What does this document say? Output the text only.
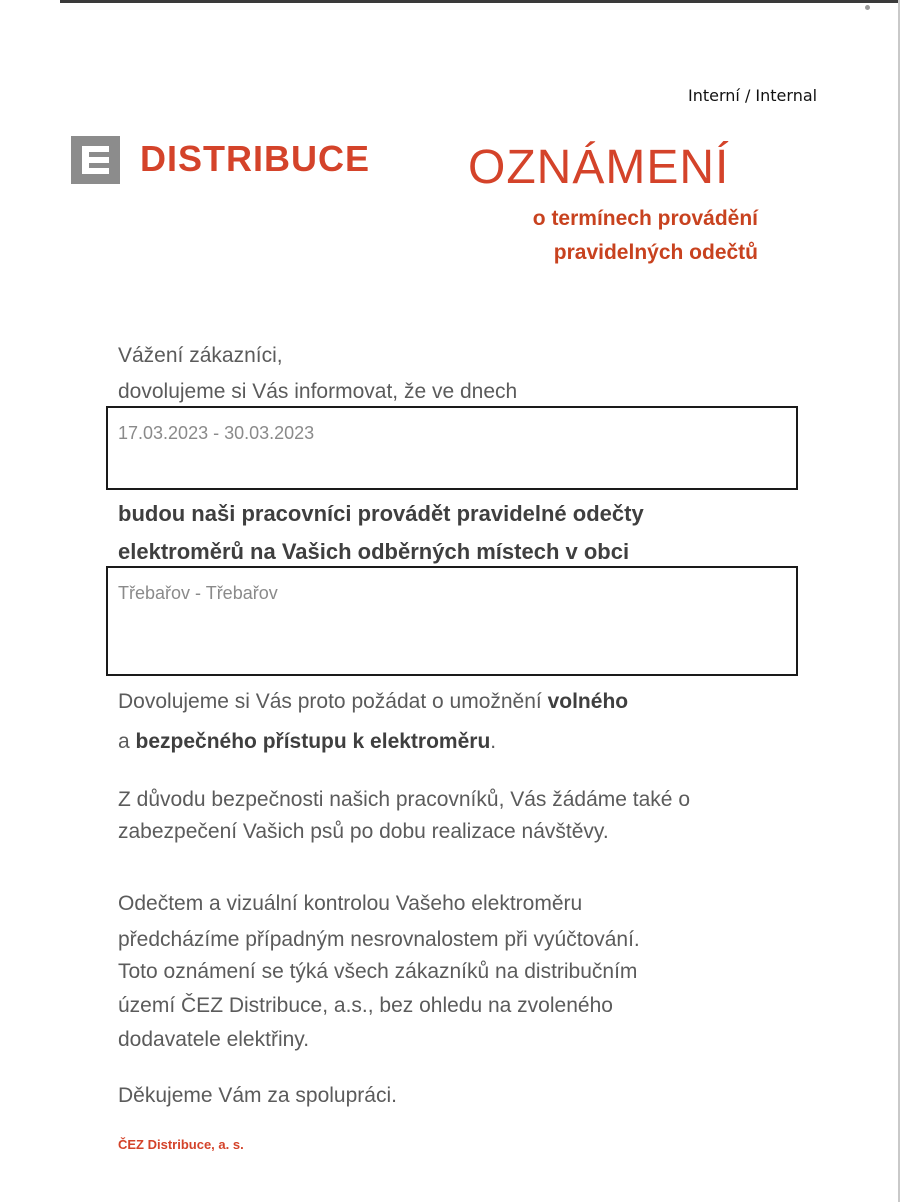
Interní / Internal
DISTRIBUCE OZNÁMENÍ
o termínech provádění
pravidelných odečtů
Vážení zákazníci,
dovolujeme si Vás informovat, že ve dnech
17.03.2023 - 30.03.2023
budou naši pracovníci provádět pravidelné odečty
elektroměrů na Vašich odběrných místech v obci
Třebařov - Třebařov
Dovolujeme si Vás proto požádat o umožnění volného
a bezpečného přístupu k elektroměru.
Z důvodu bezpečnosti našich pracovníků, Vás žádáme také o
zabezpečení Vašich psů po dobu realizace návštěvy.
Odečtem a vizuální kontrolou Vašeho elektroměru
předcházíme případným nesrovnalostem při vyúčtování.
Toto oznámení se týká všech zákazníků na distribučním
území ČEZ Distribuce, a.s., bez ohledu na zvoleného
dodavatele elektřiny.
Děkujeme Vám za spolupráci.
ČEZ Distribuce, a. s.
